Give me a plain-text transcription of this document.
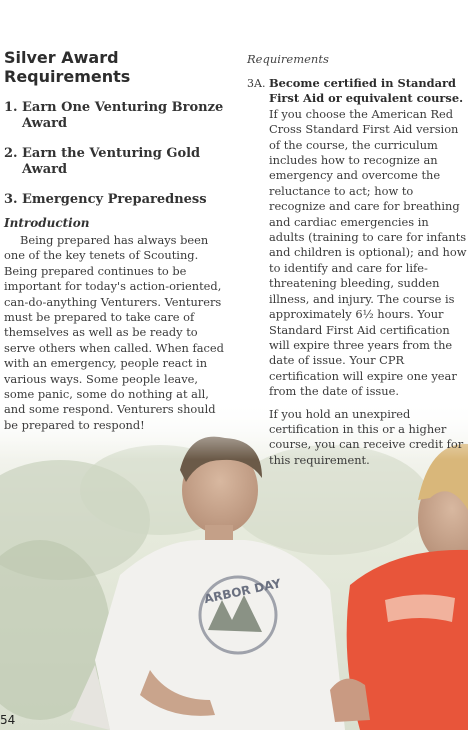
Silver Award Requirements
1. Earn One Venturing Bronze Award
2. Earn the Venturing Gold Award
3. Emergency Preparedness
Introduction

Being prepared has always been one of the key tenets of Scouting. Being prepared continues to be important for today's action-oriented, can-do-anything Venturers. Venturers must be prepared to take care of themselves as well as be ready to serve others when called. When faced with an emergency, people react in various ways. Some people leave, some panic, some do nothing at all, and some respond. Venturers should be prepared to respond!

Requirements
3A. Become certified in Standard First Aid or equivalent course. If you choose the American Red Cross Standard First Aid version of the course, the curriculum includes how to recognize an emergency and overcome the reluctance to act; how to recognize and care for breathing and cardiac emergencies in adults (training to care for infants and children is optional); and how to identify and care for life-threatening bleeding, sudden illness, and injury. The course is approximately 6½ hours. Your Standard First Aid certification will expire three years from the date of issue. Your CPR certification will expire one year from the date of issue.

If you hold an unexpired certification in this or a higher course, you can receive credit for this requirement.

54
